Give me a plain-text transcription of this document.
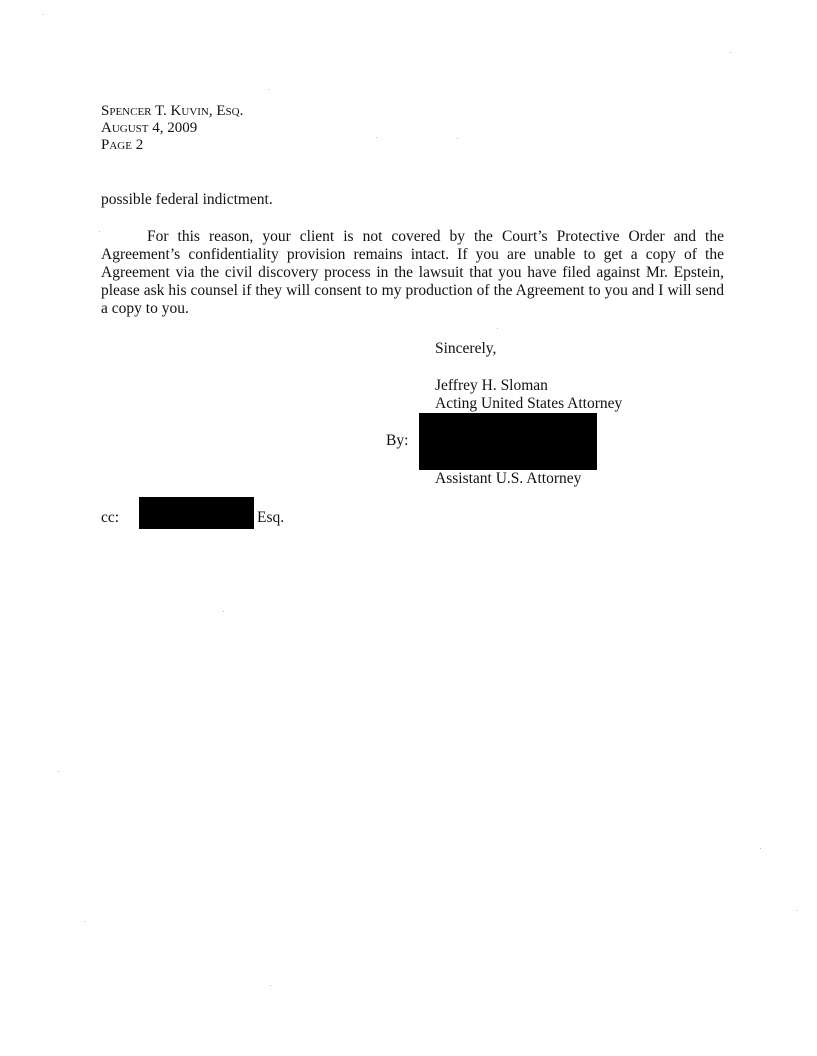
Spencer T. Kuvin, Esq.
August 4, 2009
Page 2
possible federal indictment.
For this reason, your client is not covered by the Court’s Protective Order and the Agreement’s confidentiality provision remains intact. If you are unable to get a copy of the Agreement via the civil discovery process in the lawsuit that you have filed against Mr. Epstein, please ask his counsel if they will consent to my production of the Agreement to you and I will send a copy to you.
Sincerely,
Jeffrey H. Sloman
Acting United States Attorney
By:
Assistant U.S. Attorney
cc:	Esq.
